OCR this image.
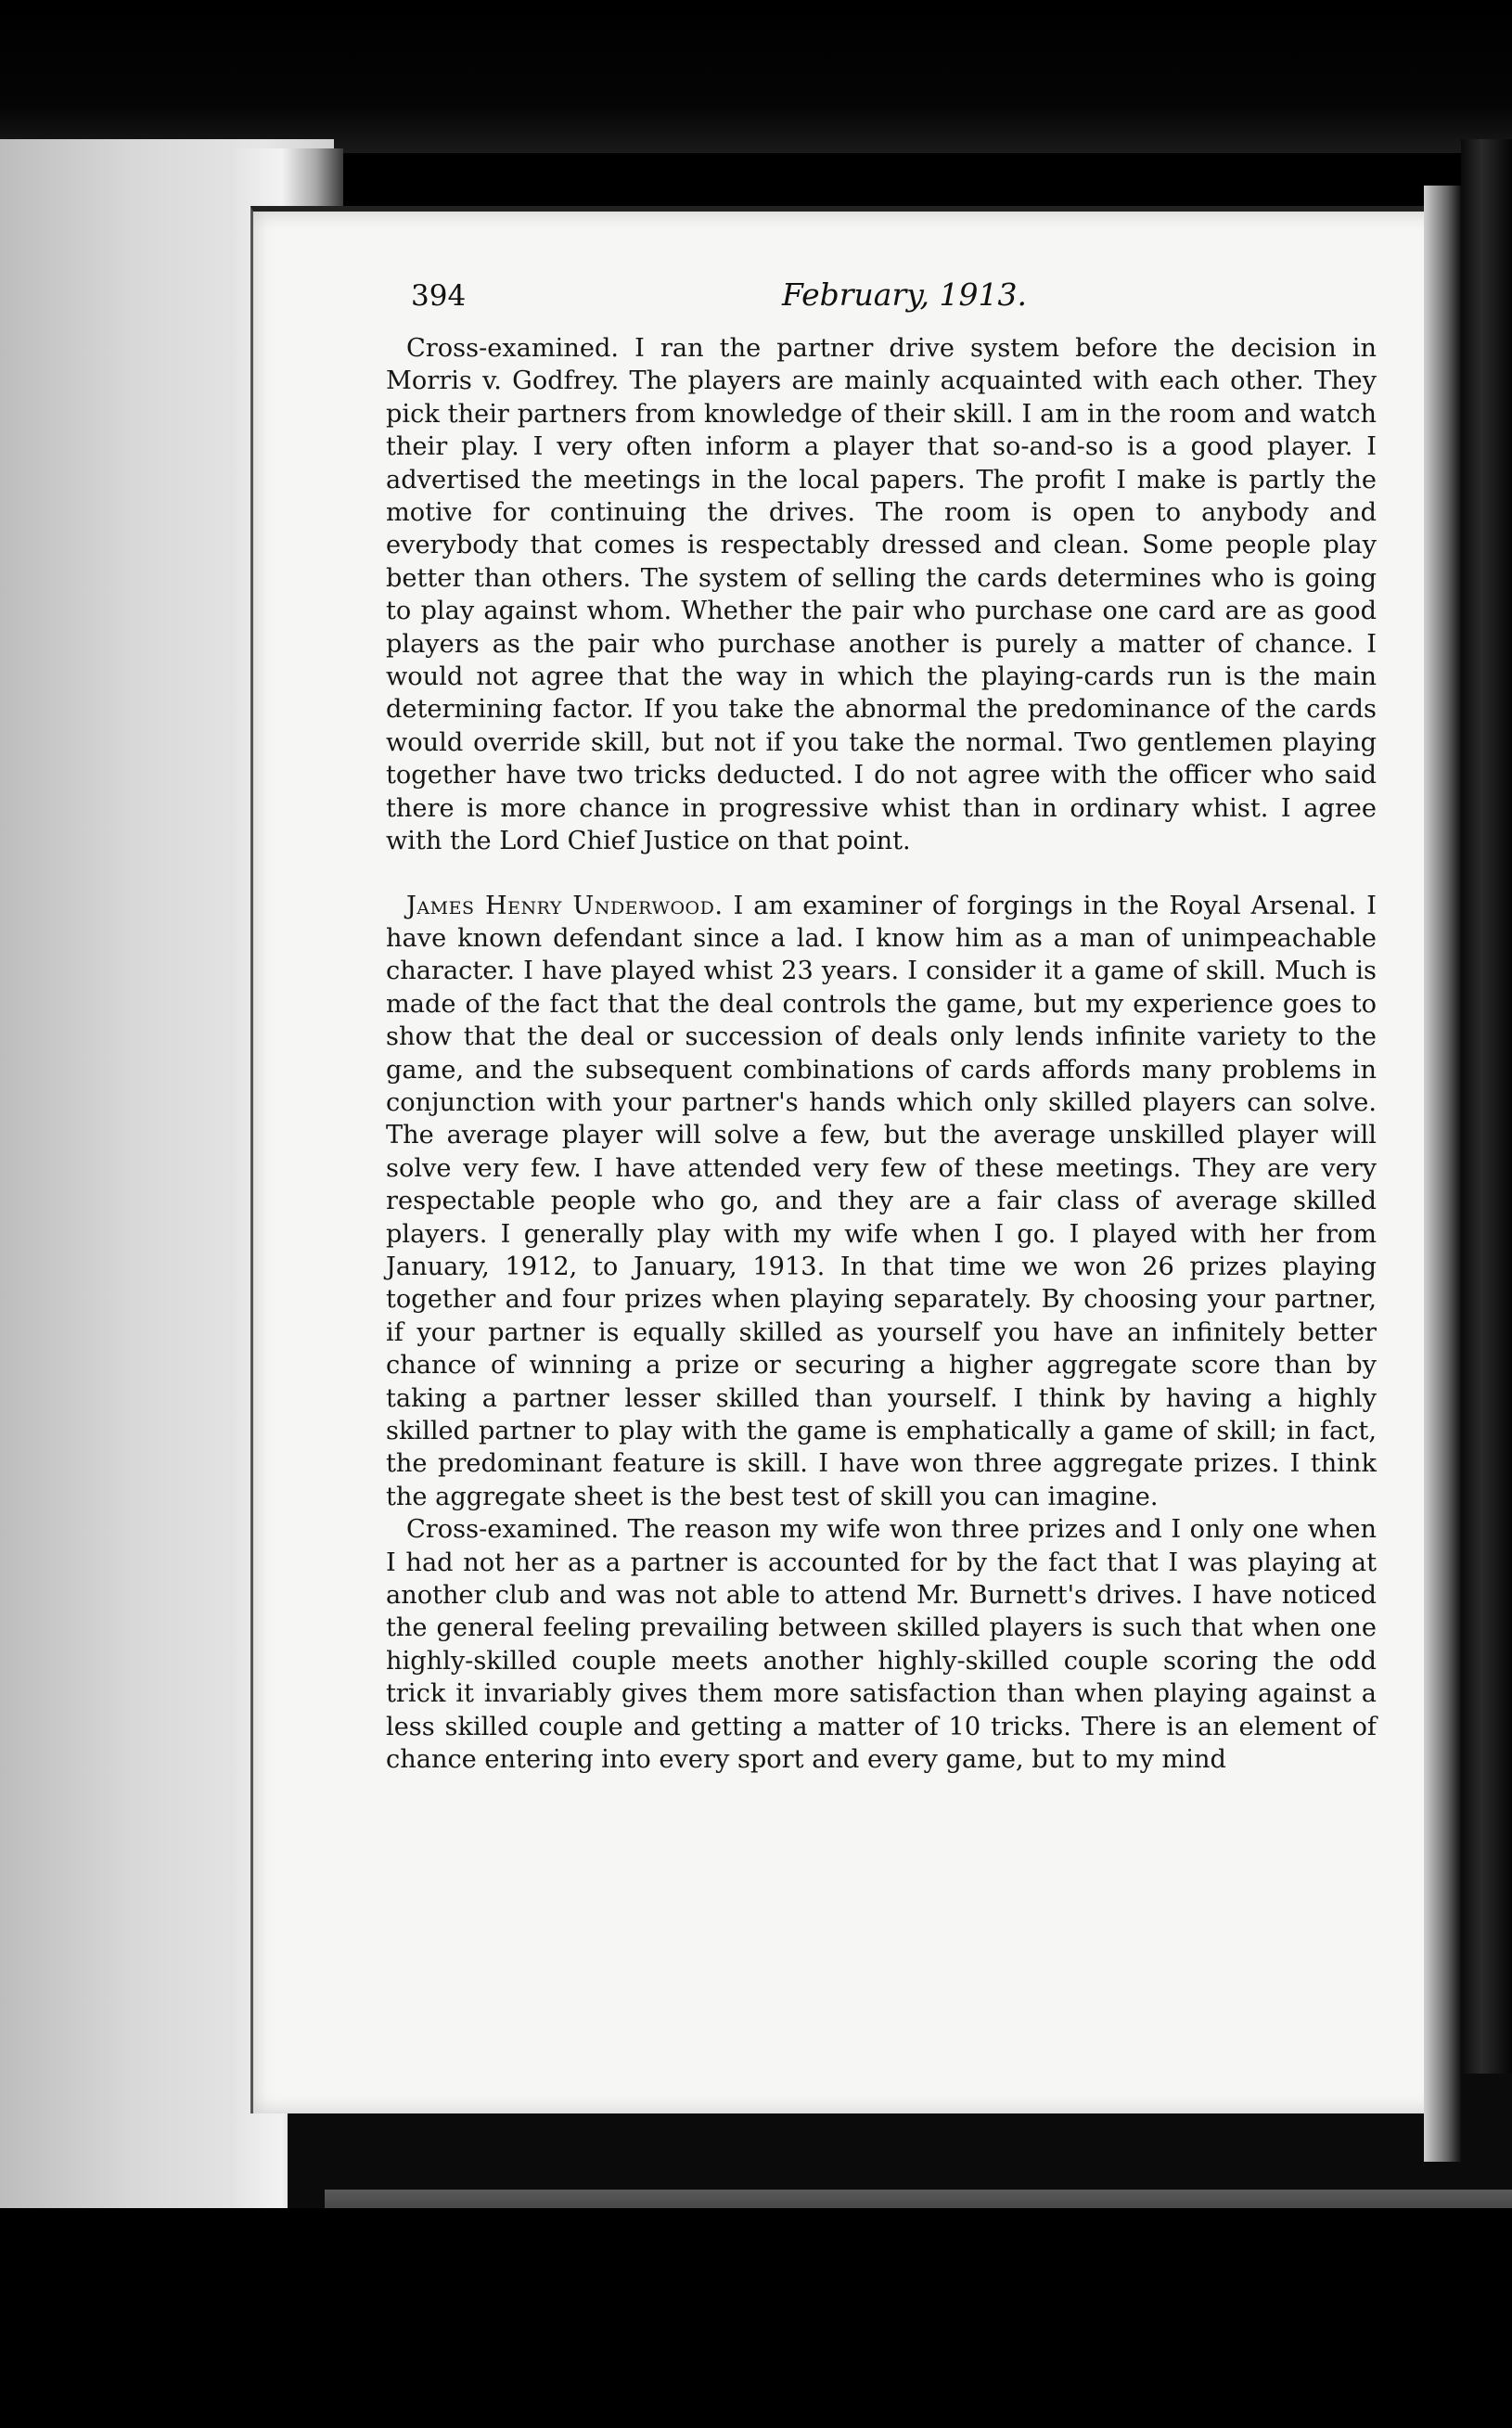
394	February, 1913.

Cross-examined. I ran the partner drive system before the decision in Morris v. Godfrey. The players are mainly acquainted with each other. They pick their partners from knowledge of their skill. I am in the room and watch their play. I very often inform a player that so-and-so is a good player. I advertised the meetings in the local papers. The profit I make is partly the motive for continuing the drives. The room is open to anybody and everybody that comes is respectably dressed and clean. Some people play better than others. The system of selling the cards determines who is going to play against whom. Whether the pair who purchase one card are as good players as the pair who purchase another is purely a matter of chance. I would not agree that the way in which the playing-cards run is the main determining factor. If you take the abnormal the predominance of the cards would override skill, but not if you take the normal. Two gentlemen playing together have two tricks deducted. I do not agree with the officer who said there is more chance in progressive whist than in ordinary whist. I agree with the Lord Chief Justice on that point.

James Henry Underwood. I am examiner of forgings in the Royal Arsenal. I have known defendant since a lad. I know him as a man of unimpeachable character. I have played whist 23 years. I consider it a game of skill. Much is made of the fact that the deal controls the game, but my experience goes to show that the deal or succession of deals only lends infinite variety to the game, and the subsequent combinations of cards affords many problems in conjunction with your partner's hands which only skilled players can solve. The average player will solve a few, but the average unskilled player will solve very few. I have attended very few of these meetings. They are very respectable people who go, and they are a fair class of average skilled players. I generally play with my wife when I go. I played with her from January, 1912, to January, 1913. In that time we won 26 prizes playing together and four prizes when playing separately. By choosing your partner, if your partner is equally skilled as yourself you have an infinitely better chance of winning a prize or securing a higher aggregate score than by taking a partner lesser skilled than yourself. I think by having a highly skilled partner to play with the game is emphatically a game of skill; in fact, the predominant feature is skill. I have won three aggregate prizes. I think the aggregate sheet is the best test of skill you can imagine.

Cross-examined. The reason my wife won three prizes and I only one when I had not her as a partner is accounted for by the fact that I was playing at another club and was not able to attend Mr. Burnett's drives. I have noticed the general feeling prevailing between skilled players is such that when one highly-skilled couple meets another highly-skilled couple scoring the odd trick it invariably gives them more satisfaction than when playing against a less skilled couple and getting a matter of 10 tricks. There is an element of chance entering into every sport and every game, but to my mind
